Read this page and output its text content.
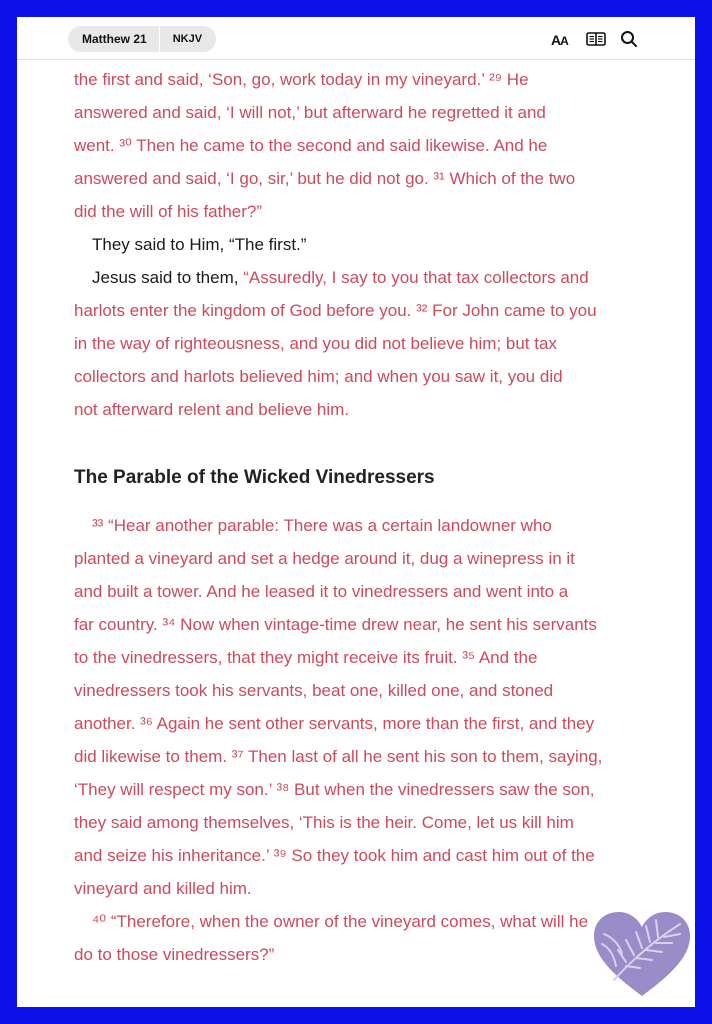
Matthew 21	NKJV	AA
the first and said, ‘Son, go, work today in my vineyard.’ ²⁹ He
answered and said, ‘I will not,’ but afterward he regretted it and
went. ³⁰ Then he came to the second and said likewise. And he
answered and said, ‘I go, sir,’ but he did not go. ³¹ Which of the two
did the will of his father?”
They said to Him, “The first.”
Jesus said to them, “Assuredly, I say to you that tax collectors and
harlots enter the kingdom of God before you. ³² For John came to you
in the way of righteousness, and you did not believe him; but tax
collectors and harlots believed him; and when you saw it, you did
not afterward relent and believe him.
The Parable of the Wicked Vinedressers
³³ “Hear another parable: There was a certain landowner who
planted a vineyard and set a hedge around it, dug a winepress in it
and built a tower. And he leased it to vinedressers and went into a
far country. ³⁴ Now when vintage-time drew near, he sent his servants
to the vinedressers, that they might receive its fruit. ³⁵ And the
vinedressers took his servants, beat one, killed one, and stoned
another. ³⁶ Again he sent other servants, more than the first, and they
did likewise to them. ³⁷ Then last of all he sent his son to them, saying,
‘They will respect my son.’ ³⁸ But when the vinedressers saw the son,
they said among themselves, ‘This is the heir. Come, let us kill him
and seize his inheritance.’ ³⁹ So they took him and cast him out of the
vineyard and killed him.
⁴⁰ “Therefore, when the owner of the vineyard comes, what will he
do to those vinedressers?”
